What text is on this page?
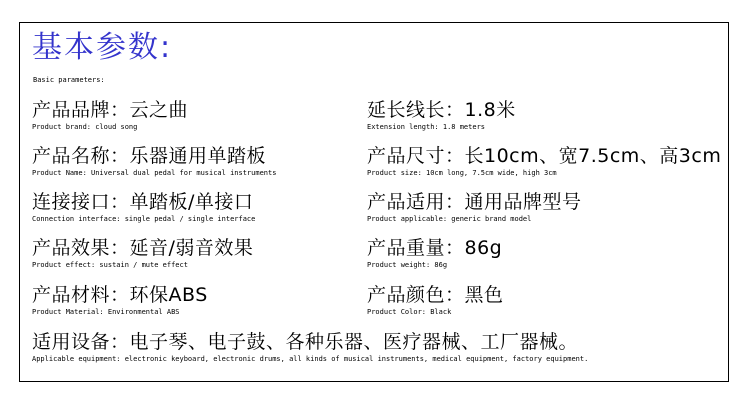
基本参数:
Basic parameters:
产品品牌：云之曲
Product brand: cloud song
延长线长：1.8米
Extension length: 1.8 meters
产品名称：乐器通用单踏板
Product Name: Universal dual pedal for musical instruments
产品尺寸：长10cm、宽7.5cm、高3cm
Product size: 10cm long, 7.5cm wide, high 3cm
连接接口：单踏板/单接口
Connection interface: single pedal / single interface
产品适用：通用品牌型号
Product applicable: generic brand model
产品效果：延音/弱音效果
Product effect: sustain / mute effect
产品重量：86g
Product weight: 86g
产品材料：环保ABS
Product Material: Environmental ABS
产品颜色：黑色
Product Color: Black
适用设备：电子琴、电子鼓、各种乐器、医疗器械、工厂器械。
Applicable equipment: electronic keyboard, electronic drums, all kinds of musical instruments, medical equipment, factory equipment.
